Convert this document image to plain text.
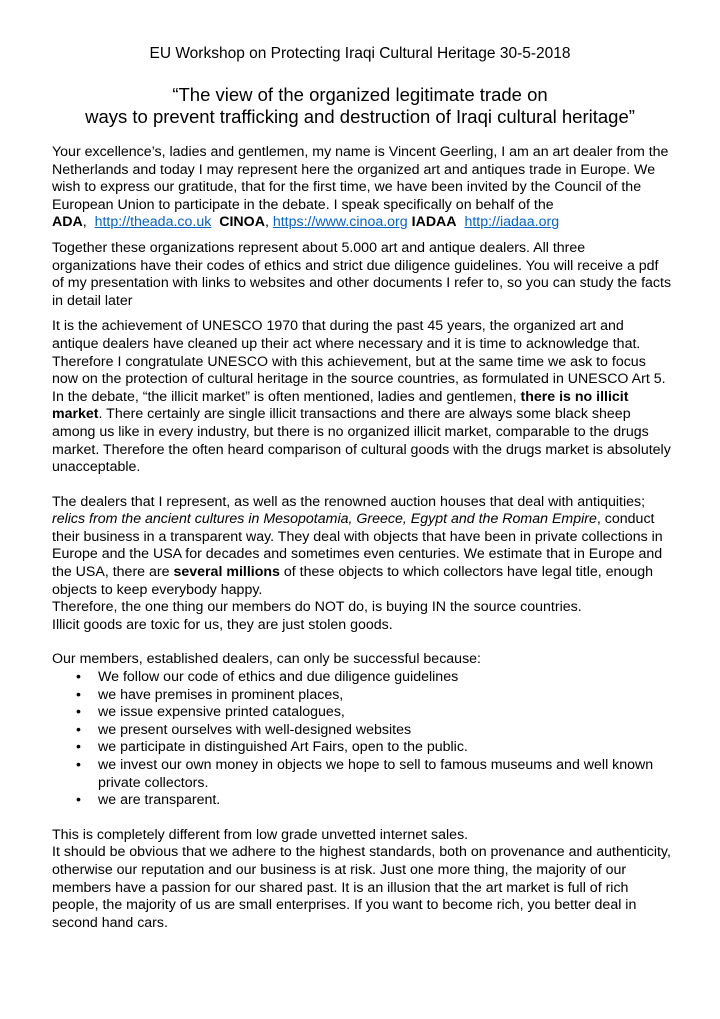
EU Workshop on Protecting Iraqi Cultural Heritage 30-5-2018
“The view of the organized legitimate trade on
ways to prevent trafficking and destruction of Iraqi cultural heritage”

Your excellence’s, ladies and gentlemen, my name is Vincent Geerling, I am an art dealer from the Netherlands and today I may represent here the organized art and antiques trade in Europe. We wish to express our gratitude, that for the first time, we have been invited by the Council of the European Union to participate in the debate. I speak specifically on behalf of the
ADA,  http://theada.co.uk CINOA, https://www.cinoa.org IADAA http://iadaa.org

Together these organizations represent about 5.000 art and antique dealers. All three organizations have their codes of ethics and strict due diligence guidelines. You will receive a pdf of my presentation with links to websites and other documents I refer to, so you can study the facts in detail later

It is the achievement of UNESCO 1970 that during the past 45 years, the organized art and antique dealers have cleaned up their act where necessary and it is time to acknowledge that. Therefore I congratulate UNESCO with this achievement, but at the same time we ask to focus now on the protection of cultural heritage in the source countries, as formulated in UNESCO Art 5.

In the debate, “the illicit market” is often mentioned, ladies and gentlemen, there is no illicit market. There certainly are single illicit transactions and there are always some black sheep among us like in every industry, but there is no organized illicit market, comparable to the drugs market. Therefore the often heard comparison of cultural goods with the drugs market is absolutely unacceptable.

The dealers that I represent, as well as the renowned auction houses that deal with antiquities;
relics from the ancient cultures in Mesopotamia, Greece, Egypt and the Roman Empire, conduct their business in a transparent way. They deal with objects that have been in private collections in Europe and the USA for decades and sometimes even centuries. We estimate that in Europe and the USA, there are several millions of these objects to which collectors have legal title, enough objects to keep everybody happy.

Therefore, the one thing our members do NOT do, is buying IN the source countries.

Illicit goods are toxic for us, they are just stolen goods.

Our members, established dealers, can only be successful because:

• We follow our code of ethics and due diligence guidelines
• we have premises in prominent places,
• we issue expensive printed catalogues,
• we present ourselves with well-designed websites
• we participate in distinguished Art Fairs, open to the public.
• we invest our own money in objects we hope to sell to famous museums and well known private collectors.
• we are transparent.

This is completely different from low grade unvetted internet sales.

It should be obvious that we adhere to the highest standards, both on provenance and authenticity, otherwise our reputation and our business is at risk. Just one more thing, the majority of our members have a passion for our shared past. It is an illusion that the art market is full of rich people, the majority of us are small enterprises. If you want to become rich, you better deal in second hand cars.
